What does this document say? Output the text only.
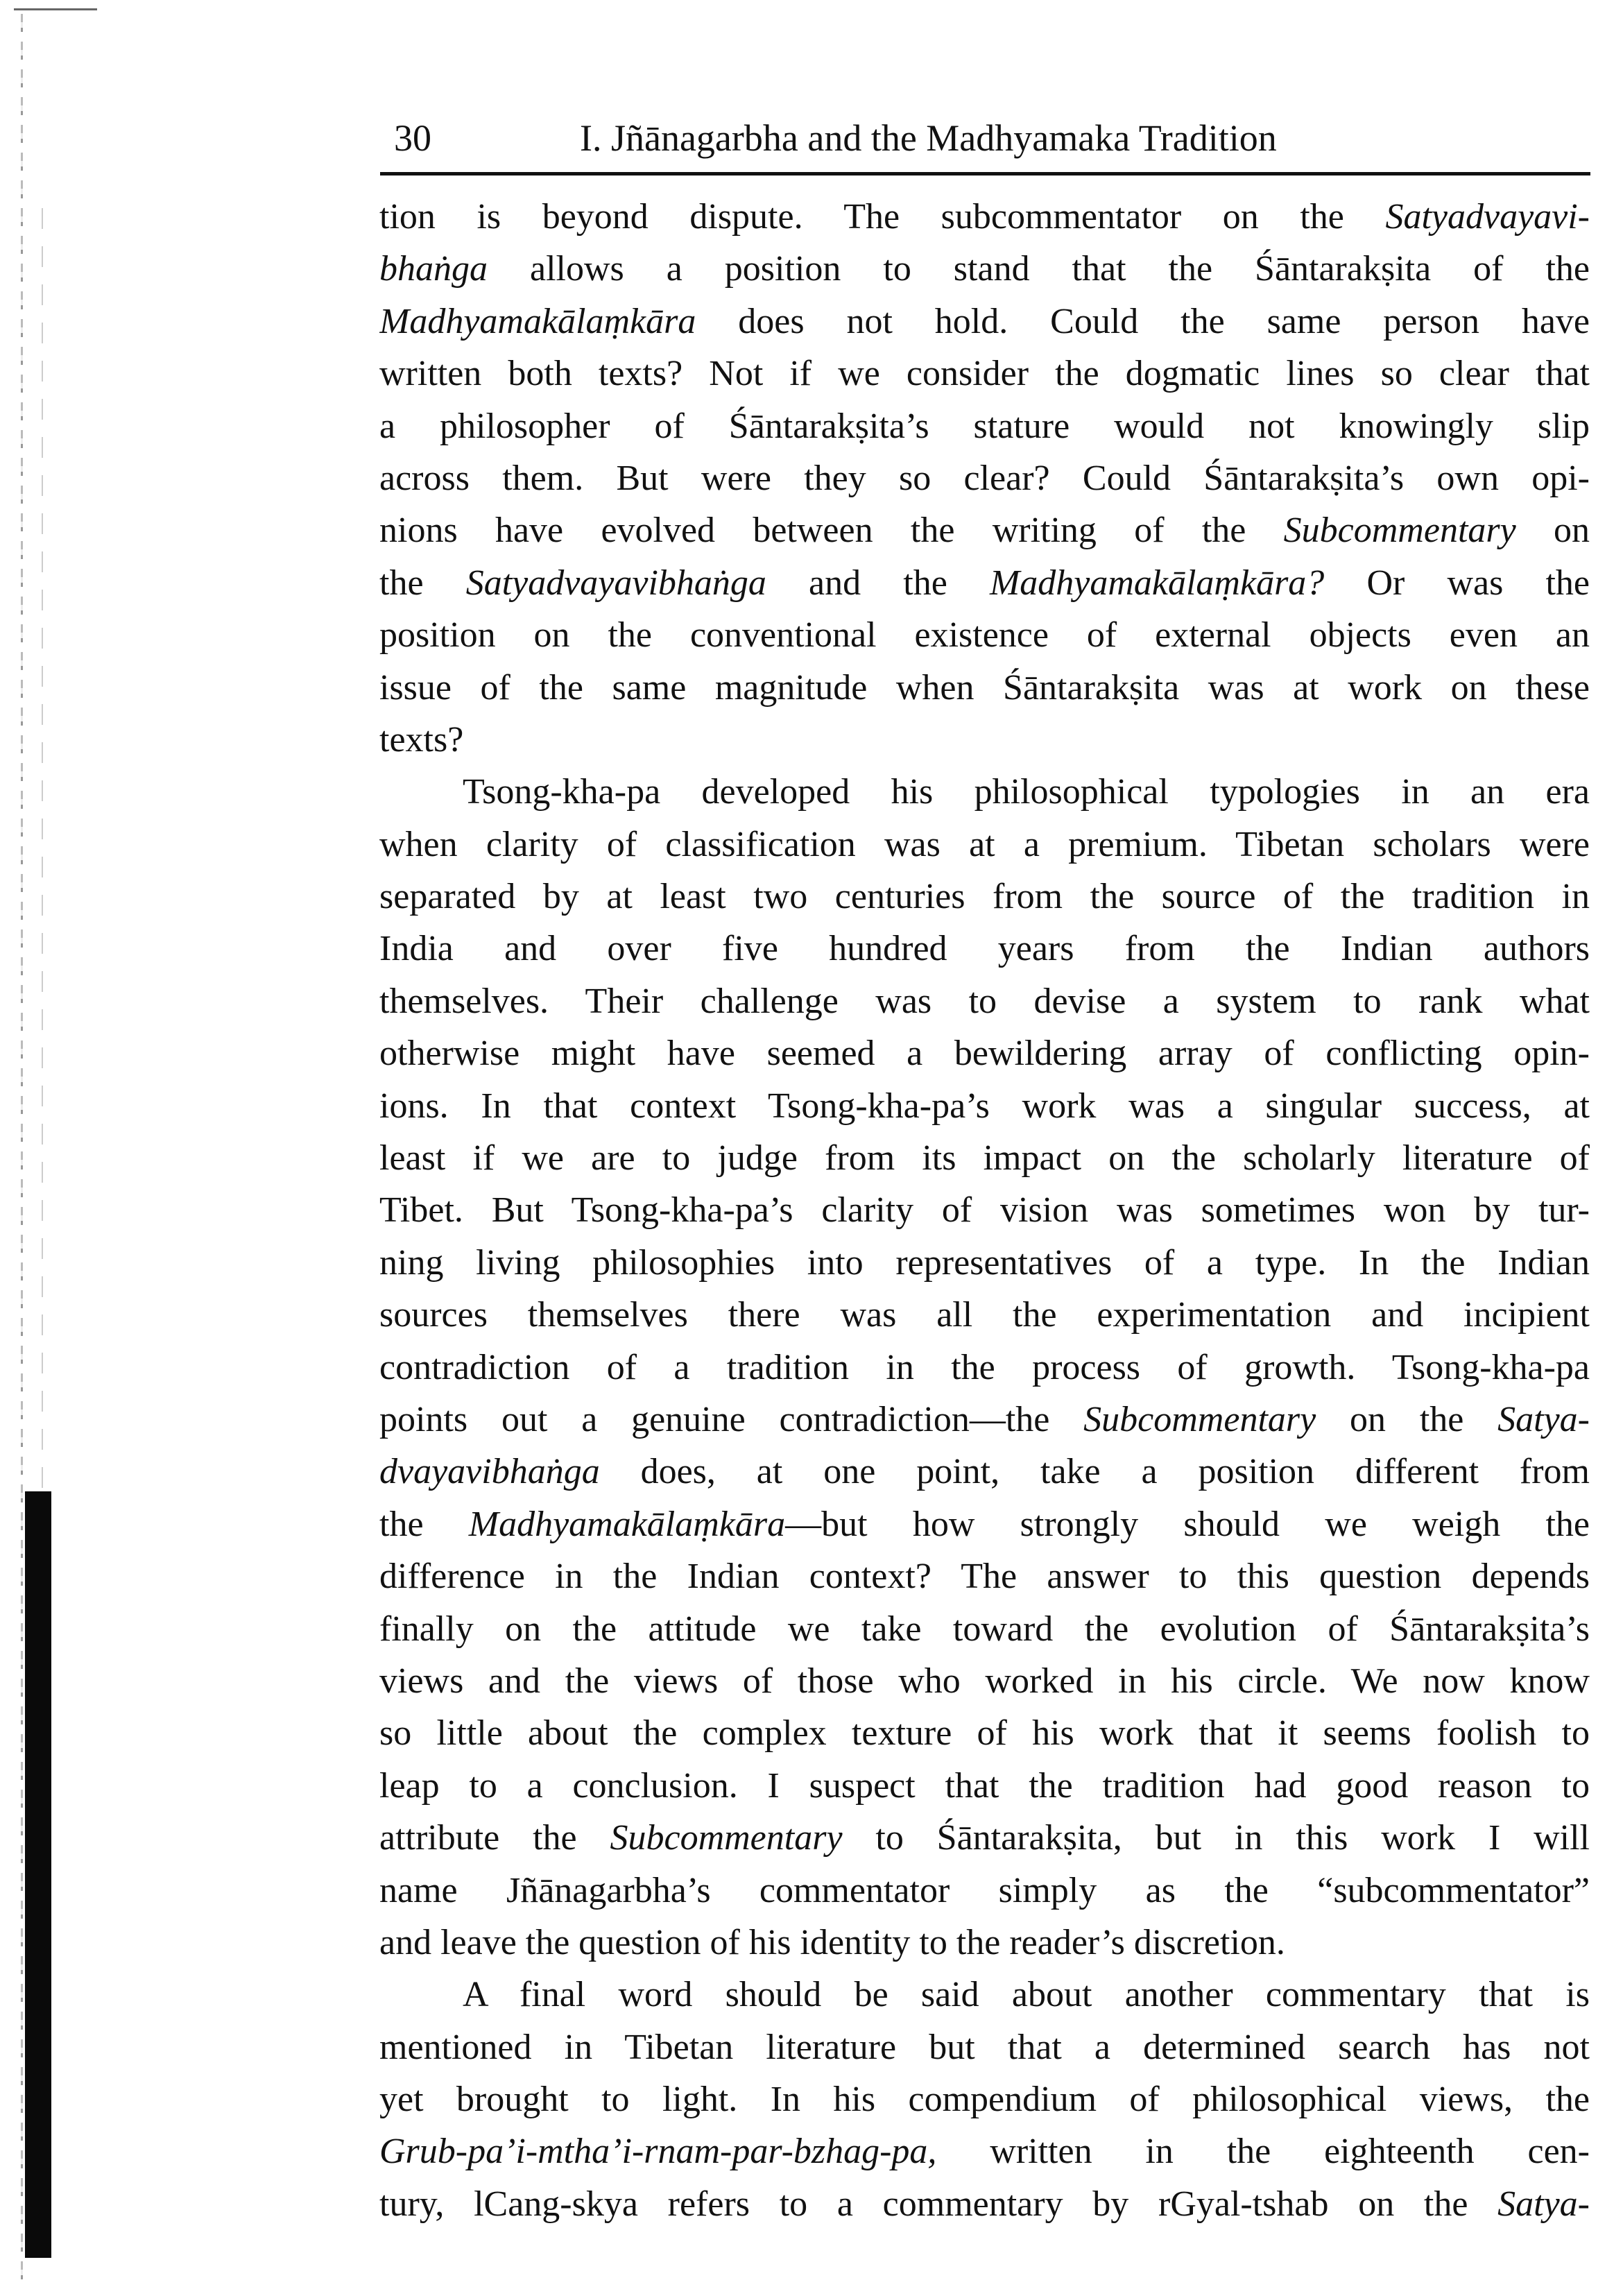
30	I. Jñānagarbha and the Madhyamaka Tradition
tion is beyond dispute. The subcommentator on the Satyadvayavi-
bhaṅga allows a position to stand that the Śāntarakṣita of the
Madhyamakālaṃkāra does not hold. Could the same person have
written both texts? Not if we consider the dogmatic lines so clear that
a philosopher of Śāntarakṣita’s stature would not knowingly slip
across them. But were they so clear? Could Śāntarakṣita’s own opi-
nions have evolved between the writing of the Subcommentary on
the Satyadvayavibhaṅga and the Madhyamakālaṃkāra? Or was the
position on the conventional existence of external objects even an
issue of the same magnitude when Śāntarakṣita was at work on these
texts?
Tsong-kha-pa developed his philosophical typologies in an era
when clarity of classification was at a premium. Tibetan scholars were
separated by at least two centuries from the source of the tradition in
India and over five hundred years from the Indian authors
themselves. Their challenge was to devise a system to rank what
otherwise might have seemed a bewildering array of conflicting opin-
ions. In that context Tsong-kha-pa’s work was a singular success, at
least if we are to judge from its impact on the scholarly literature of
Tibet. But Tsong-kha-pa’s clarity of vision was sometimes won by tur-
ning living philosophies into representatives of a type. In the Indian
sources themselves there was all the experimentation and incipient
contradiction of a tradition in the process of growth. Tsong-kha-pa
points out a genuine contradiction—the Subcommentary on the Satya-
dvayavibhaṅga does, at one point, take a position different from
the Madhyamakālaṃkāra—but how strongly should we weigh the
difference in the Indian context? The answer to this question depends
finally on the attitude we take toward the evolution of Śāntarakṣita’s
views and the views of those who worked in his circle. We now know
so little about the complex texture of his work that it seems foolish to
leap to a conclusion. I suspect that the tradition had good reason to
attribute the Subcommentary to Śāntarakṣita, but in this work I will
name Jñānagarbha’s commentator simply as the “subcommentator”
and leave the question of his identity to the reader’s discretion.
A final word should be said about another commentary that is
mentioned in Tibetan literature but that a determined search has not
yet brought to light. In his compendium of philosophical views, the
Grub-pa’i-mtha’i-rnam-par-bzhag-pa, written in the eighteenth cen-
tury, lCang-skya refers to a commentary by rGyal-tshab on the Satya-
